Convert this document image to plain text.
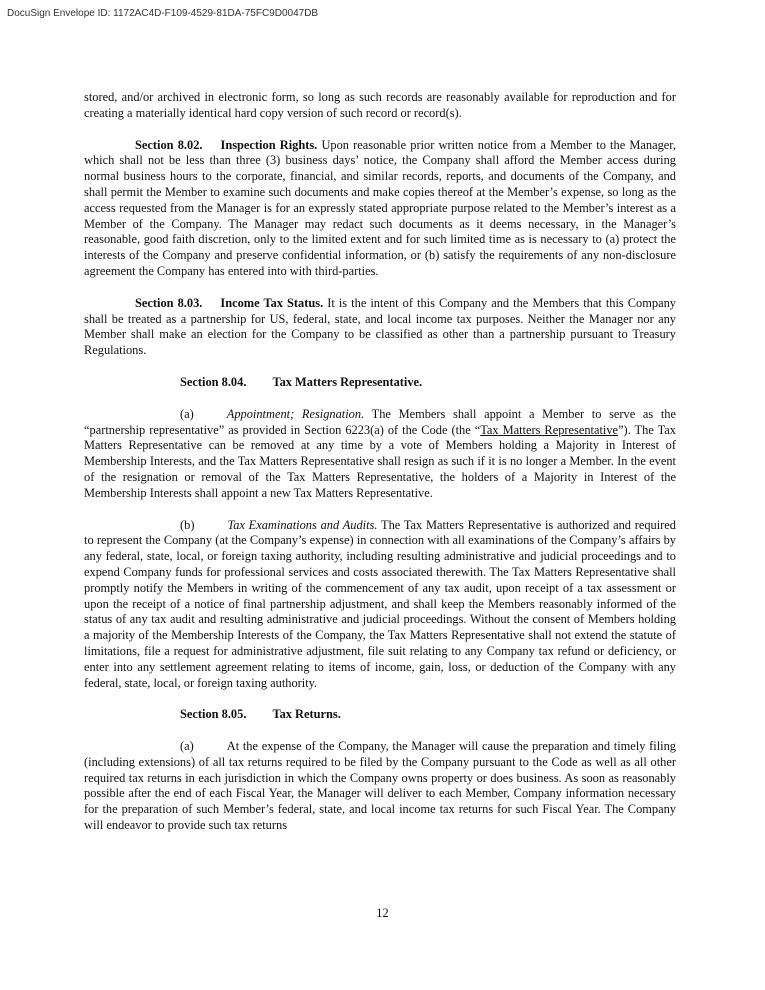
DocuSign Envelope ID: 1172AC4D-F109-4529-81DA-75FC9D0047DB

stored, and/or archived in electronic form, so long as such records are reasonably available for reproduction and for creating a materially identical hard copy version of such record or record(s).

Section 8.02. Inspection Rights. Upon reasonable prior written notice from a Member to the Manager, which shall not be less than three (3) business days’ notice, the Company shall afford the Member access during normal business hours to the corporate, financial, and similar records, reports, and documents of the Company, and shall permit the Member to examine such documents and make copies thereof at the Member’s expense, so long as the access requested from the Manager is for an expressly stated appropriate purpose related to the Member’s interest as a Member of the Company. The Manager may redact such documents as it deems necessary, in the Manager’s reasonable, good faith discretion, only to the limited extent and for such limited time as is necessary to (a) protect the interests of the Company and preserve confidential information, or (b) satisfy the requirements of any non-disclosure agreement the Company has entered into with third-parties.

Section 8.03. Income Tax Status. It is the intent of this Company and the Members that this Company shall be treated as a partnership for US, federal, state, and local income tax purposes. Neither the Manager nor any Member shall make an election for the Company to be classified as other than a partnership pursuant to Treasury Regulations.

Section 8.04. Tax Matters Representative.

(a)	Appointment; Resignation. The Members shall appoint a Member to serve as the “partnership representative” as provided in Section 6223(a) of the Code (the “Tax Matters Representative”). The Tax Matters Representative can be removed at any time by a vote of Members holding a Majority in Interest of Membership Interests, and the Tax Matters Representative shall resign as such if it is no longer a Member. In the event of the resignation or removal of the Tax Matters Representative, the holders of a Majority in Interest of the Membership Interests shall appoint a new Tax Matters Representative.

(b)	Tax Examinations and Audits. The Tax Matters Representative is authorized and required to represent the Company (at the Company’s expense) in connection with all examinations of the Company’s affairs by any federal, state, local, or foreign taxing authority, including resulting administrative and judicial proceedings and to expend Company funds for professional services and costs associated therewith. The Tax Matters Representative shall promptly notify the Members in writing of the commencement of any tax audit, upon receipt of a tax assessment or upon the receipt of a notice of final partnership adjustment, and shall keep the Members reasonably informed of the status of any tax audit and resulting administrative and judicial proceedings. Without the consent of Members holding a majority of the Membership Interests of the Company, the Tax Matters Representative shall not extend the statute of limitations, file a request for administrative adjustment, file suit relating to any Company tax refund or deficiency, or enter into any settlement agreement relating to items of income, gain, loss, or deduction of the Company with any federal, state, local, or foreign taxing authority.

Section 8.05. Tax Returns.

(a)	At the expense of the Company, the Manager will cause the preparation and timely filing (including extensions) of all tax returns required to be filed by the Company pursuant to the Code as well as all other required tax returns in each jurisdiction in which the Company owns property or does business. As soon as reasonably possible after the end of each Fiscal Year, the Manager will deliver to each Member, Company information necessary for the preparation of such Member’s federal, state, and local income tax returns for such Fiscal Year. The Company will endeavor to provide such tax returns

12
